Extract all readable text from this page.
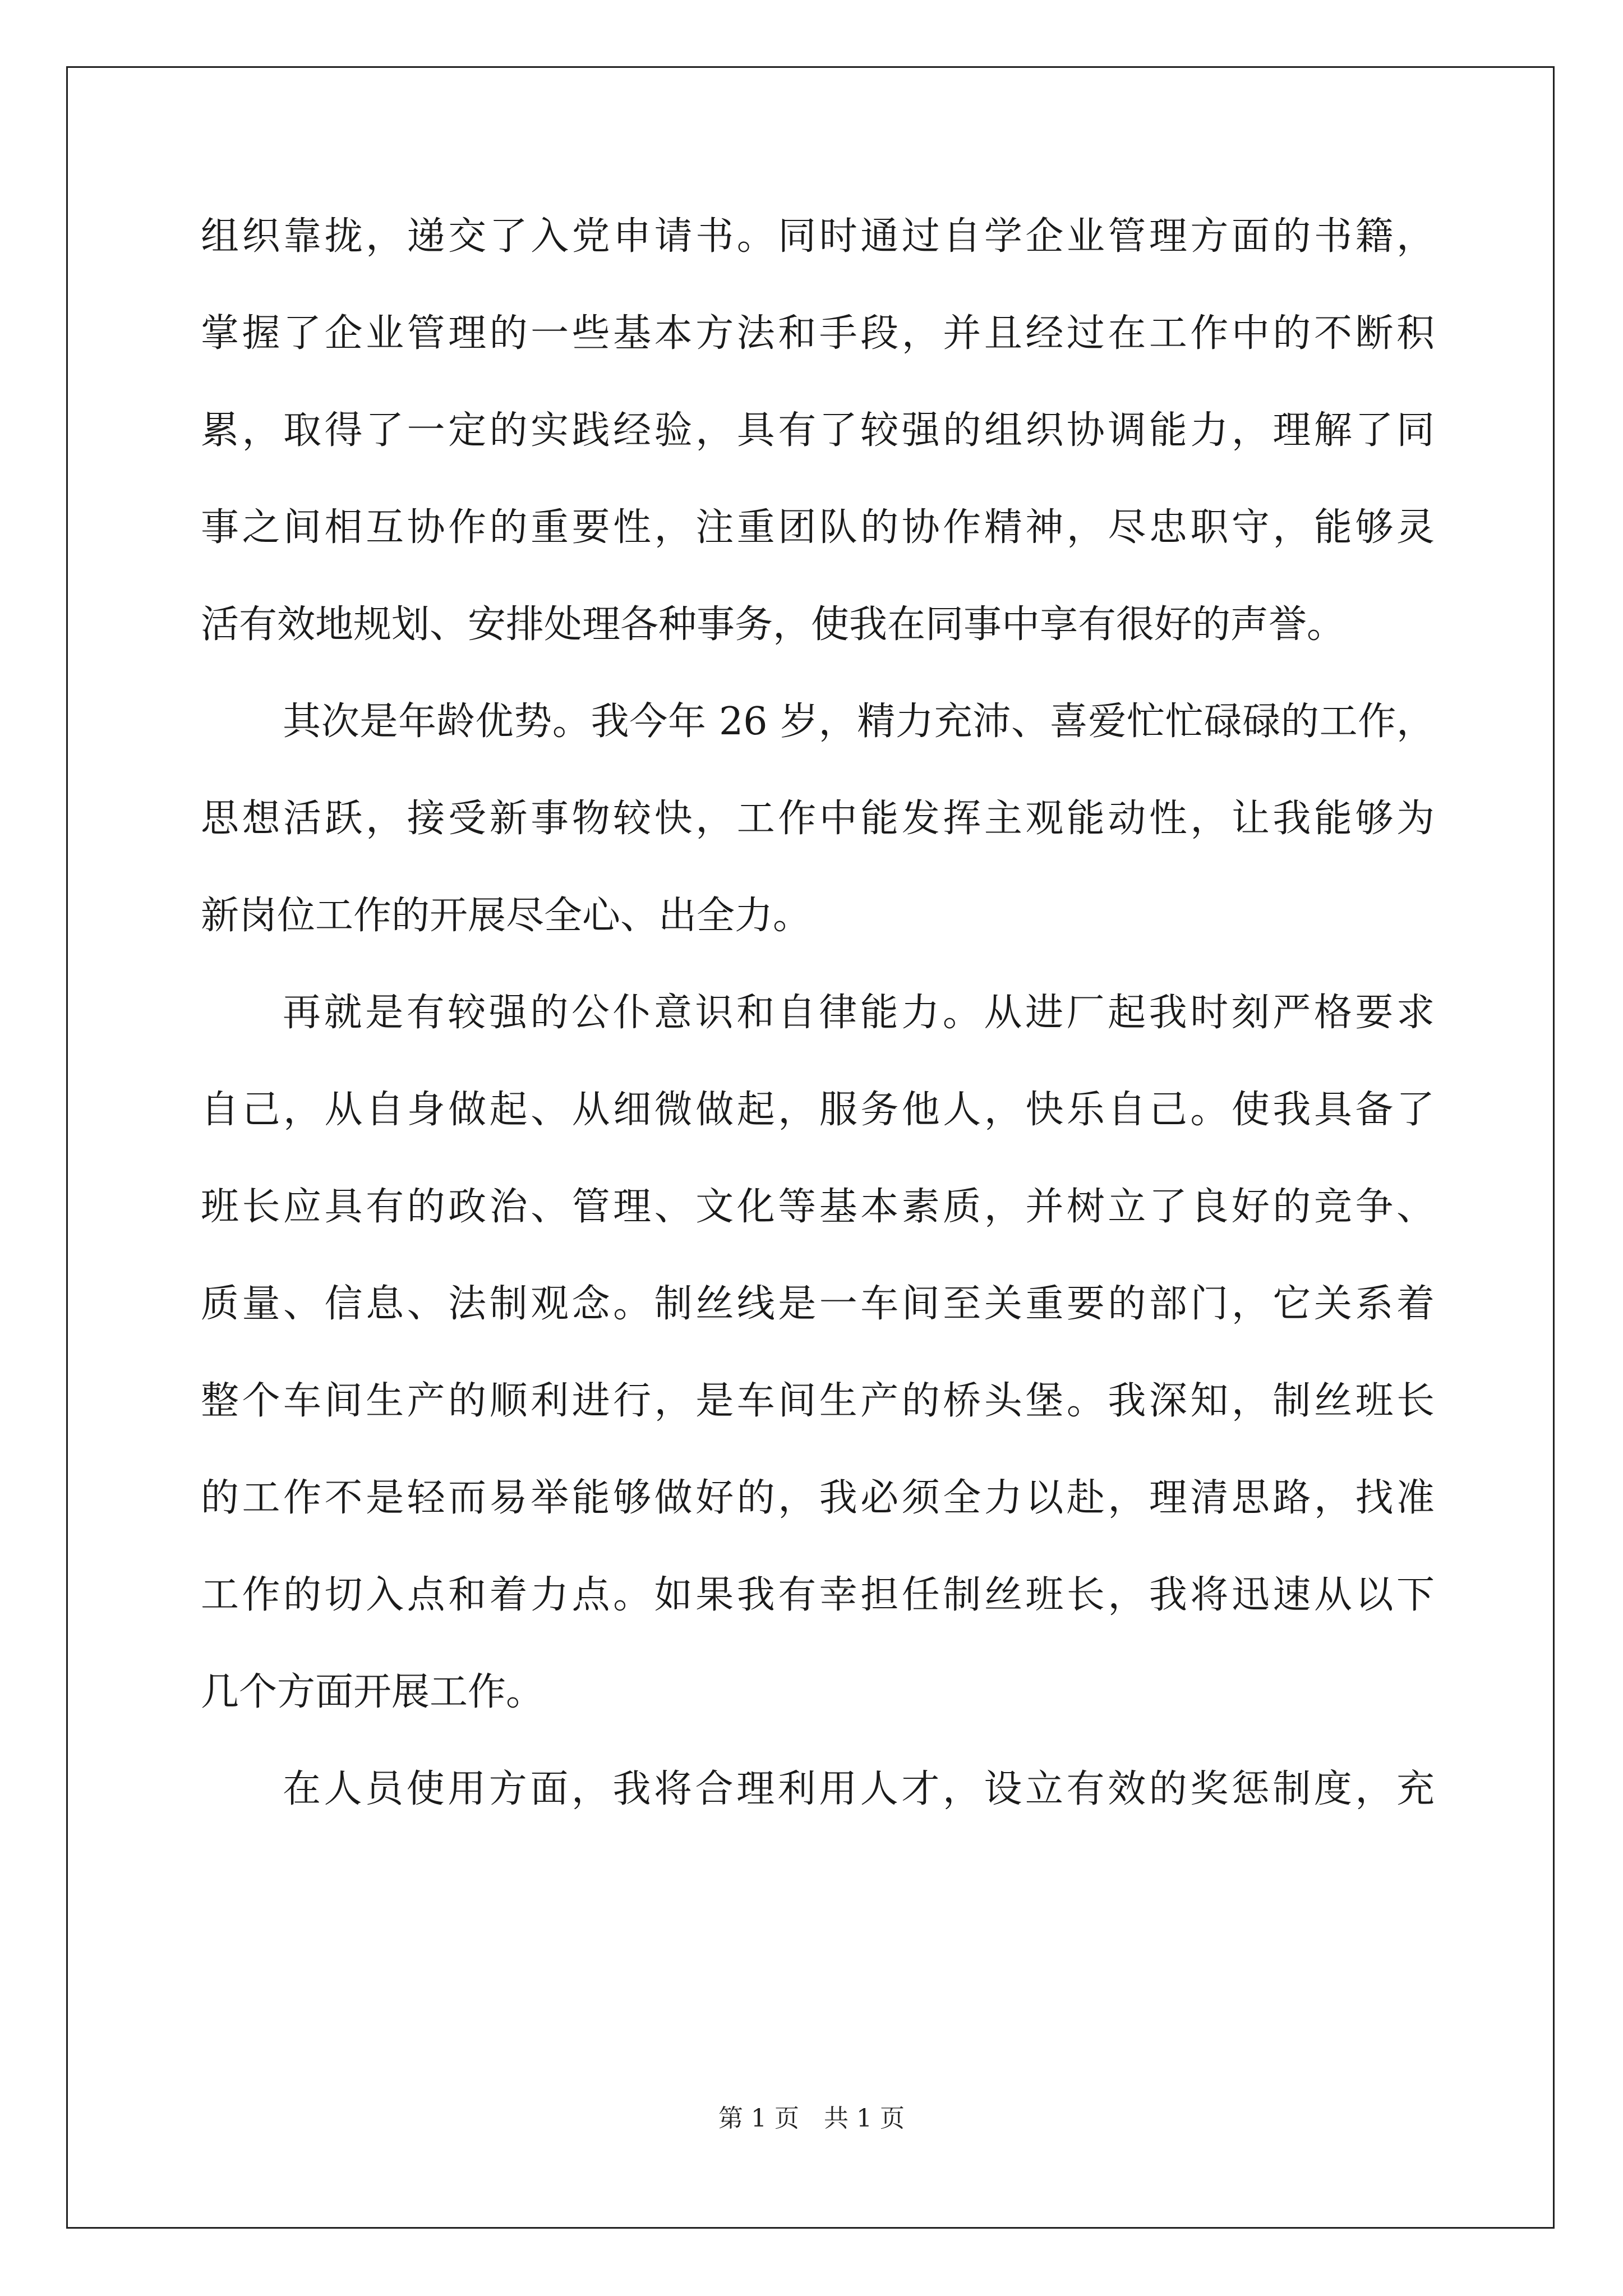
组织靠拢，递交了入党申请书。同时通过自学企业管理方面的书籍，
掌握了企业管理的一些基本方法和手段，并且经过在工作中的不断积
累，取得了一定的实践经验，具有了较强的组织协调能力，理解了同
事之间相互协作的重要性，注重团队的协作精神，尽忠职守，能够灵
活有效地规划、安排处理各种事务，使我在同事中享有很好的声誉。
其次是年龄优势。我今年 26 岁，精力充沛、喜爱忙忙碌碌的工作，
思想活跃，接受新事物较快，工作中能发挥主观能动性，让我能够为
新岗位工作的开展尽全心、出全力。
再就是有较强的公仆意识和自律能力。从进厂起我时刻严格要求
自己，从自身做起、从细微做起，服务他人，快乐自己。使我具备了
班长应具有的政治、管理、文化等基本素质，并树立了良好的竞争、
质量、信息、法制观念。制丝线是一车间至关重要的部门，它关系着
整个车间生产的顺利进行，是车间生产的桥头堡。我深知，制丝班长
的工作不是轻而易举能够做好的，我必须全力以赴，理清思路，找准
工作的切入点和着力点。如果我有幸担任制丝班长，我将迅速从以下
几个方面开展工作。
在人员使用方面，我将合理利用人才，设立有效的奖惩制度，充
第 1 页　共 1 页
